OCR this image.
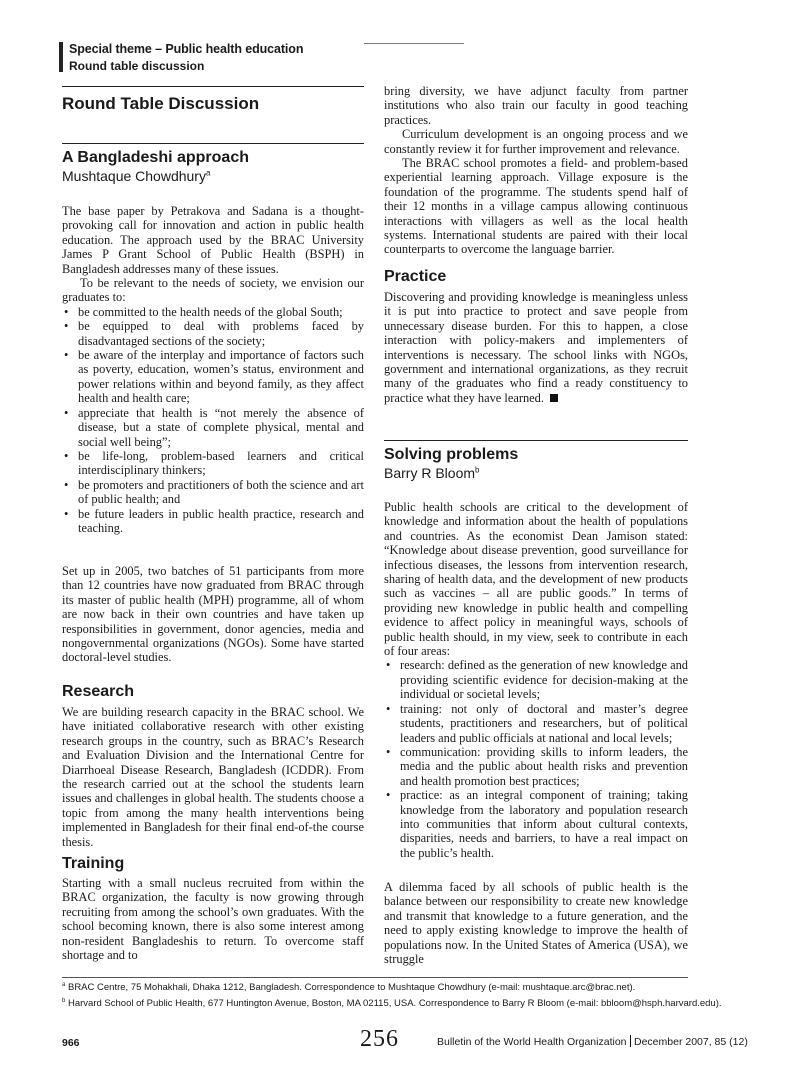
Special theme – Public health education
Round table discussion
Round Table Discussion
A Bangladeshi approach
Mushtaque Chowdhury$^a$

The base paper by Petrakova and Sadana is a thought-provoking call for innovation and action in public health education. The approach used by the BRAC University James P Grant School of Public Health (BSPH) in Bangladesh addresses many of these issues.

To be relevant to the needs of society, we envision our graduates to:

• be committed to the health needs of the global South;
• be equipped to deal with problems faced by disadvantaged sections of the society;
• be aware of the interplay and importance of factors such as poverty, education, women’s status, environment and power relations within and beyond family, as they affect health and health care;
• appreciate that health is “not merely the absence of disease, but a state of complete physical, mental and social well being”;
• be life-long, problem-based learners and critical interdisciplinary thinkers;
• be promoters and practitioners of both the science and art of public health; and
• be future leaders in public health practice, research and teaching.

Set up in 2005, two batches of 51 participants from more than 12 countries have now graduated from BRAC through its master of public health (MPH) programme, all of whom are now back in their own countries and have taken up responsibilities in government, donor agencies, media and nongovernmental organizations (NGOs). Some have started doctoral-level studies.

Research

We are building research capacity in the BRAC school. We have initiated collaborative research with other existing research groups in the country, such as BRAC’s Research and Evaluation Division and the International Centre for Diarrhoeal Disease Research, Bangladesh (ICDDR). From the research carried out at the school the students learn issues and challenges in global health. The students choose a topic from among the many health interventions being implemented in Bangladesh for their final end-of-the course thesis.

Training

Starting with a small nucleus recruited from within the BRAC organization, the faculty is now growing through recruiting from among the school’s own graduates. With the school becoming known, there is also some interest among non-resident Bangladeshis to return. To overcome staff shortage and to

bring diversity, we have adjunct faculty from partner institutions who also train our faculty in good teaching practices.

Curriculum development is an ongoing process and we constantly review it for further improvement and relevance.

The BRAC school promotes a field- and problem-based experiential learning approach. Village exposure is the foundation of the programme. The students spend half of their 12 months in a village campus allowing continuous interactions with villagers as well as the local health systems. International students are paired with their local counterparts to overcome the language barrier.

Practice

Discovering and providing knowledge is meaningless unless it is put into practice to protect and save people from unnecessary disease burden. For this to happen, a close interaction with policy-makers and implementers of interventions is necessary. The school links with NGOs, government and international organizations, as they recruit many of the graduates who find a ready constituency to practice what they have learned.

Solving problems
Barry R Bloom$^b$

Public health schools are critical to the development of knowledge and information about the health of populations and countries. As the economist Dean Jamison stated: “Knowledge about disease prevention, good surveillance for infectious diseases, the lessons from intervention research, sharing of health data, and the development of new products such as vaccines – all are public goods.” In terms of providing new knowledge in public health and compelling evidence to affect policy in meaningful ways, schools of public health should, in my view, seek to contribute in each of four areas:

• research: defined as the generation of new knowledge and providing scientific evidence for decision-making at the individual or societal levels;
• training: not only of doctoral and master’s degree students, practitioners and researchers, but of political leaders and public officials at national and local levels;
• communication: providing skills to inform leaders, the media and the public about health risks and prevention and health promotion best practices;
• practice: as an integral component of training; taking knowledge from the laboratory and population research into communities that inform about cultural contexts, disparities, needs and barriers, to have a real impact on the public’s health.

A dilemma faced by all schools of public health is the balance between our responsibility to create new knowledge and transmit that knowledge to a future generation, and the need to apply existing knowledge to improve the health of populations now. In the United States of America (USA), we struggle

$^a$ BRAC Centre, 75 Mohakhali, Dhaka 1212, Bangladesh. Correspondence to Mushtaque Chowdhury (e-mail: mushtaque.arc@brac.net).
$^b$ Harvard School of Public Health, 677 Huntington Avenue, Boston, MA 02115, USA. Correspondence to Barry R Bloom (e-mail: bbloom@hsph.harvard.edu).
966	256	Bulletin of the World Health Organization December 2007, 85 (12)
